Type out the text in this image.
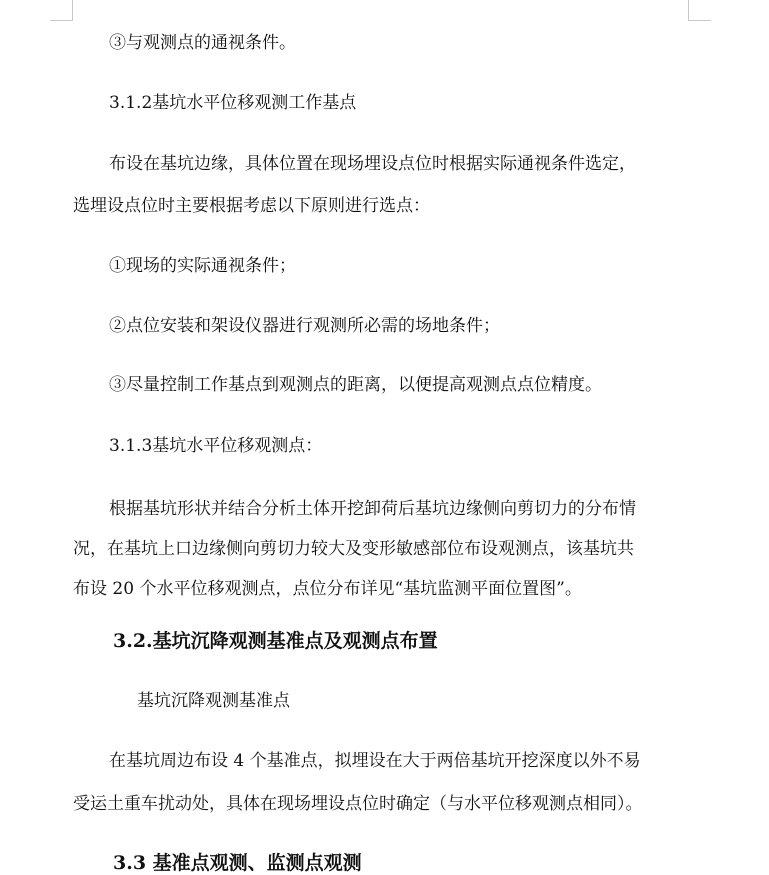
③与观测点的通视条件。
3.1.2基坑水平位移观测工作基点
布设在基坑边缘，具体位置在现场埋设点位时根据实际通视条件选定，
选埋设点位时主要根据考虑以下原则进行选点：
①现场的实际通视条件；
②点位安装和架设仪器进行观测所必需的场地条件；
③尽量控制工作基点到观测点的距离，以便提高观测点点位精度。
3.1.3基坑水平位移观测点：
根据基坑形状并结合分析土体开挖卸荷后基坑边缘侧向剪切力的分布情
况，在基坑上口边缘侧向剪切力较大及变形敏感部位布设观测点，该基坑共
布设 20 个水平位移观测点，点位分布详见“基坑监测平面位置图”。
3.2.基坑沉降观测基准点及观测点布置
基坑沉降观测基准点
在基坑周边布设 4 个基准点，拟埋设在大于两倍基坑开挖深度以外不易
受运土重车扰动处，具体在现场埋设点位时确定（与水平位移观测点相同）。
3.3 基准点观测、监测点观测
